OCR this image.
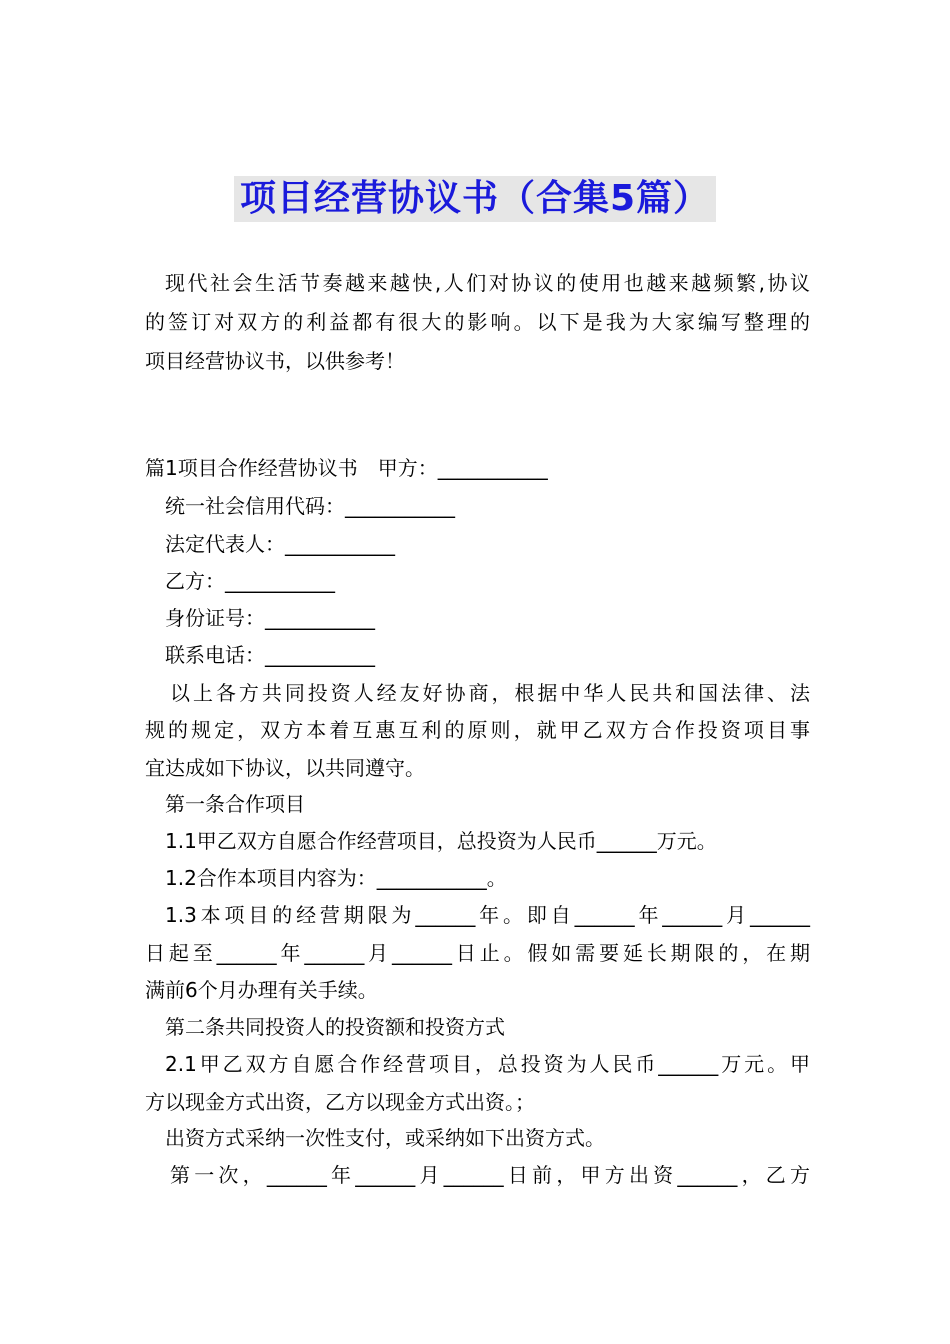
项目经营协议书（合集5篇）
现代社会生活节奏越来越快,人们对协议的使用也越来越频繁,协议
的签订对双方的利益都有很大的影响。以下是我为大家编写整理的
项目经营协议书，以供参考！
篇1项目合作经营协议书　甲方：___________
统一社会信用代码：___________
法定代表人：___________
乙方：___________
身份证号：___________
联系电话：___________
以上各方共同投资人经友好协商，根据中华人民共和国法律、法
规的规定，双方本着互惠互利的原则，就甲乙双方合作投资项目事
宜达成如下协议，以共同遵守。
第一条合作项目
1.1甲乙双方自愿合作经营项目，总投资为人民币______万元。
1.2合作本项目内容为：___________。
1.3本项目的经营期限为______年。即自______年______月______
日起至______年______月______日止。假如需要延长期限的，在期
满前6个月办理有关手续。
第二条共同投资人的投资额和投资方式
2.1甲乙双方自愿合作经营项目，总投资为人民币______万元。甲
方以现金方式出资，乙方以现金方式出资。；
出资方式采纳一次性支付，或采纳如下出资方式。
第一次，______年______月______日前，甲方出资______，乙方
